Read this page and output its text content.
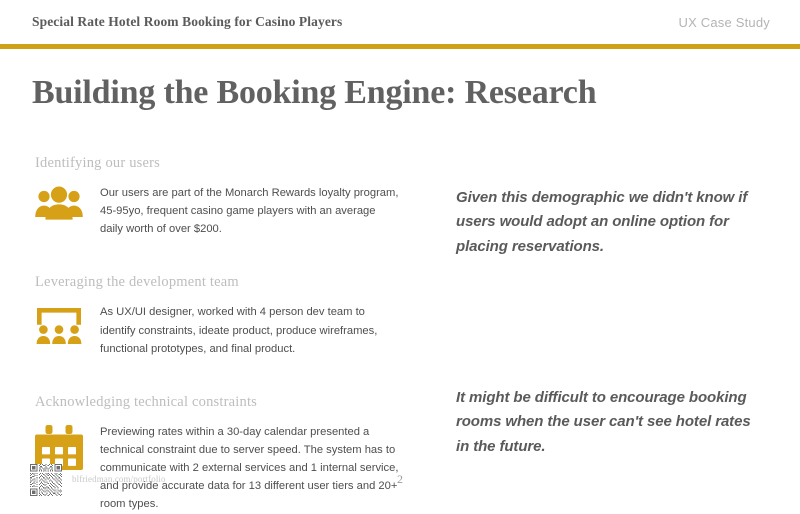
Special Rate Hotel Room Booking for Casino Players	UX Case Study
Building the Booking Engine: Research
Identifying our users

Our users are part of the Monarch Rewards loyalty program, 45-95yo, frequent casino game players with an average daily worth of over $200.

Leveraging the development team

As UX/UI designer, worked with 4 person dev team to identify constraints, ideate product, produce wireframes, functional prototypes, and final product.

Acknowledging technical constraints

Previewing rates within a 30-day calendar presented a technical constraint due to server speed. The system has to communicate with 2 external services and 1 internal service, and provide accurate data for 13 different user tiers and 20+ room types.

Given this demographic we didn't know if users would adopt an online option for placing reservations.
It might be difficult to encourage booking rooms when the user can't see hotel rates in the future.
blfriedman.com/portfolio	2
